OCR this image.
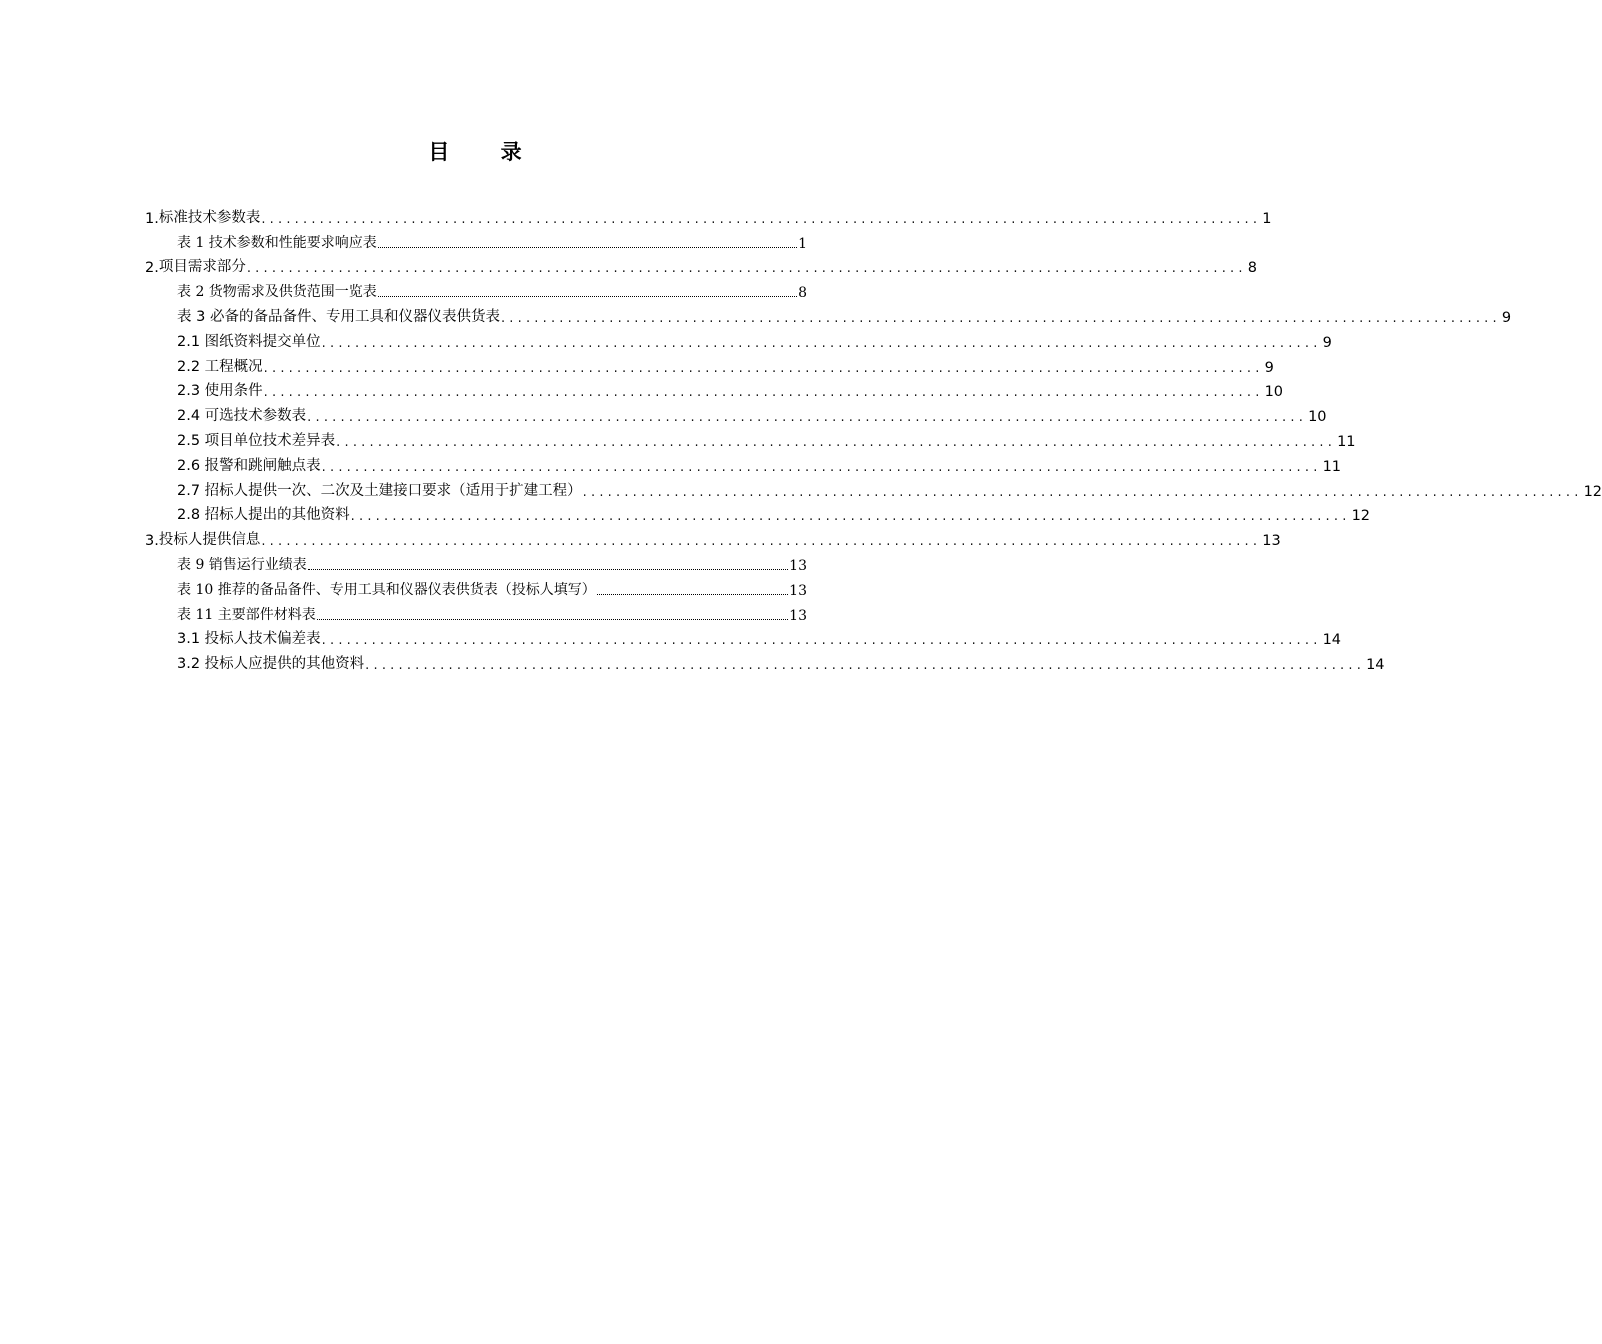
目 录
1. 标准技术参数表 ........................................................................................................................ 1
表 1 技术参数和性能要求响应表	1
2. 项目需求部分 ........................................................................................................................ 8
表 2 货物需求及供货范围一览表	8
表 3 必备的备品备件、专用工具和仪器仪表供货表 ........................................................................................................................ 9
2.1 图纸资料提交单位 ........................................................................................................................ 9
2.2 工程概况 ........................................................................................................................ 9
2.3 使用条件 ........................................................................................................................ 10
2.4 可选技术参数表 ........................................................................................................................ 10
2.5 项目单位技术差异表 ........................................................................................................................ 11
2.6 报警和跳闸触点表 ........................................................................................................................ 11
2.7 招标人提供一次、二次及土建接口要求（适用于扩建工程） ........................................................................................................................ 12
2.8 招标人提出的其他资料 ........................................................................................................................ 12
3. 投标人提供信息 ........................................................................................................................ 13
表 9 销售运行业绩表	13
表 10 推荐的备品备件、专用工具和仪器仪表供货表（投标人填写）	13
表 11 主要部件材料表	13
3.1 投标人技术偏差表 ........................................................................................................................ 14
3.2 投标人应提供的其他资料 ........................................................................................................................ 14
